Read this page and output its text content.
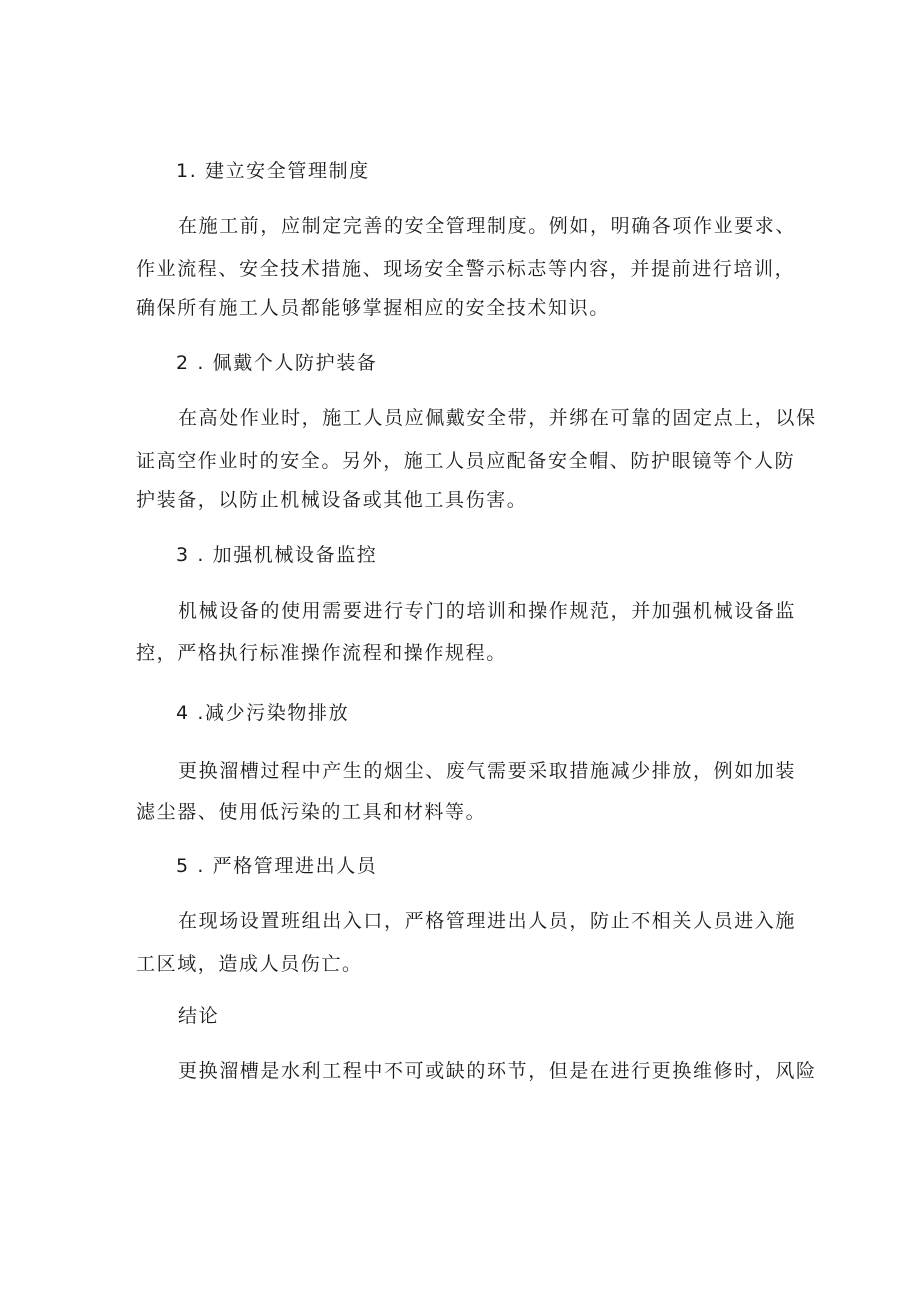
1. 建立安全管理制度
在施工前，应制定完善的安全管理制度。例如，明确各项作业要求、
作业流程、安全技术措施、现场安全警示标志等内容，并提前进行培训，
确保所有施工人员都能够掌握相应的安全技术知识。
2 . 佩戴个人防护装备
在高处作业时，施工人员应佩戴安全带，并绑在可靠的固定点上，以保
证高空作业时的安全。另外，施工人员应配备安全帽、防护眼镜等个人防
护装备，以防止机械设备或其他工具伤害。
3 . 加强机械设备监控
机械设备的使用需要进行专门的培训和操作规范，并加强机械设备监
控，严格执行标准操作流程和操作规程。
4 .减少污染物排放
更换溜槽过程中产生的烟尘、废气需要采取措施减少排放，例如加装
滤尘器、使用低污染的工具和材料等。
5 . 严格管理进出人员
在现场设置班组出入口，严格管理进出人员，防止不相关人员进入施
工区域，造成人员伤亡。
结论
更换溜槽是水利工程中不可或缺的环节，但是在进行更换维修时，风险
